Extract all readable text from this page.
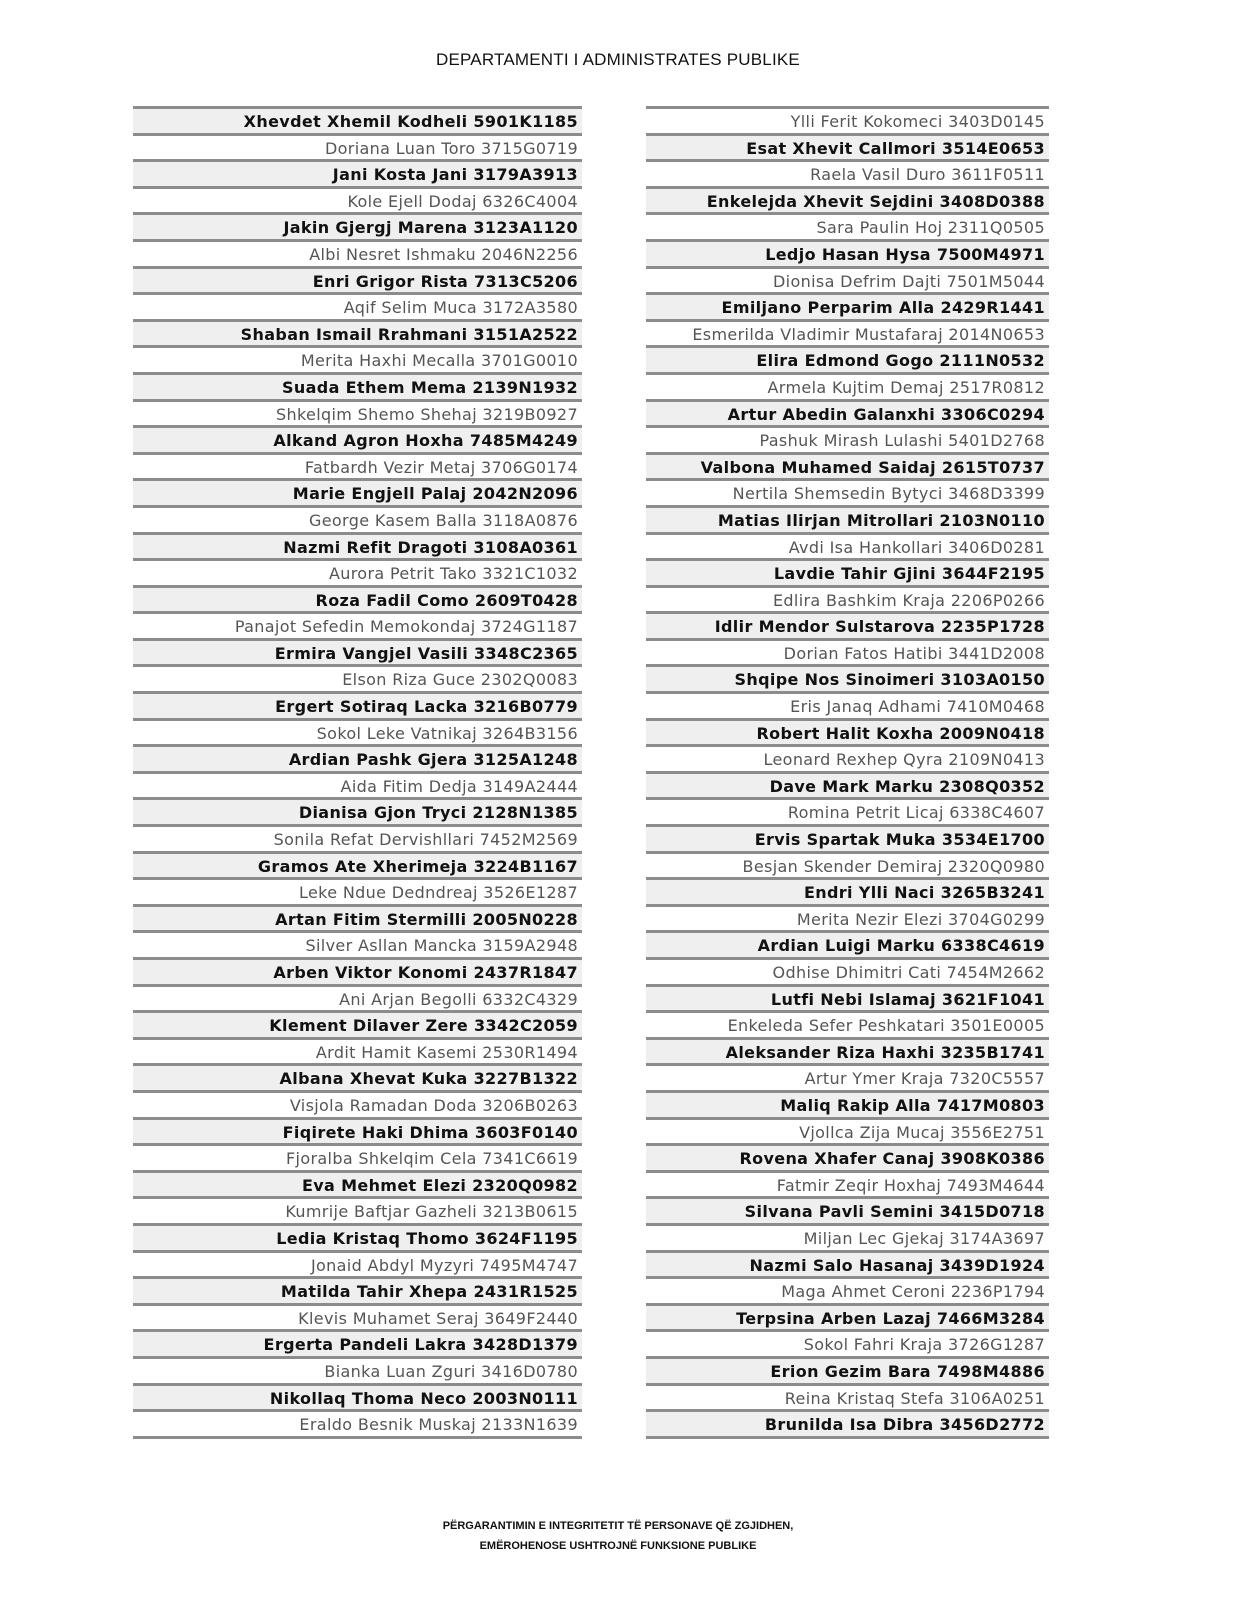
DEPARTAMENTI I ADMINISTRATES PUBLIKE
Xhevdet Xhemil Kodheli 5901K1185
Doriana Luan Toro 3715G0719
Jani Kosta Jani 3179A3913
Kole Ejell Dodaj 6326C4004
Jakin Gjergj Marena 3123A1120
Albi Nesret Ishmaku 2046N2256
Enri Grigor Rista 7313C5206
Aqif Selim Muca 3172A3580
Shaban Ismail Rrahmani 3151A2522
Merita Haxhi Mecalla 3701G0010
Suada Ethem Mema 2139N1932
Shkelqim Shemo Shehaj 3219B0927
Alkand Agron Hoxha 7485M4249
Fatbardh Vezir Metaj 3706G0174
Marie Engjell Palaj 2042N2096
George Kasem Balla 3118A0876
Nazmi Refit Dragoti 3108A0361
Aurora Petrit Tako 3321C1032
Roza Fadil Como 2609T0428
Panajot Sefedin Memokondaj 3724G1187
Ermira Vangjel Vasili 3348C2365
Elson Riza Guce 2302Q0083
Ergert Sotiraq Lacka 3216B0779
Sokol Leke Vatnikaj 3264B3156
Ardian Pashk Gjera 3125A1248
Aida Fitim Dedja 3149A2444
Dianisa Gjon Tryci 2128N1385
Sonila Refat Dervishllari 7452M2569
Gramos Ate Xherimeja 3224B1167
Leke Ndue Dedndreaj 3526E1287
Artan Fitim Stermilli 2005N0228
Silver Asllan Mancka 3159A2948
Arben Viktor Konomi 2437R1847
Ani Arjan Begolli 6332C4329
Klement Dilaver Zere 3342C2059
Ardit Hamit Kasemi 2530R1494
Albana Xhevat Kuka 3227B1322
Visjola Ramadan Doda 3206B0263
Fiqirete Haki Dhima 3603F0140
Fjoralba Shkelqim Cela 7341C6619
Eva Mehmet Elezi 2320Q0982
Kumrije Baftjar Gazheli 3213B0615
Ledia Kristaq Thomo 3624F1195
Jonaid Abdyl Myzyri 7495M4747
Matilda Tahir Xhepa 2431R1525
Klevis Muhamet Seraj 3649F2440
Ergerta Pandeli Lakra 3428D1379
Bianka Luan Zguri 3416D0780
Nikollaq Thoma Neco 2003N0111
Eraldo Besnik Muskaj 2133N1639
Ylli Ferit Kokomeci 3403D0145
Esat Xhevit Callmori 3514E0653
Raela Vasil Duro 3611F0511
Enkelejda Xhevit Sejdini 3408D0388
Sara Paulin Hoj 2311Q0505
Ledjo Hasan Hysa 7500M4971
Dionisa Defrim Dajti 7501M5044
Emiljano Perparim Alla 2429R1441
Esmerilda Vladimir Mustafaraj 2014N0653
Elira Edmond Gogo 2111N0532
Armela Kujtim Demaj 2517R0812
Artur Abedin Galanxhi 3306C0294
Pashuk Mirash Lulashi 5401D2768
Valbona Muhamed Saidaj 2615T0737
Nertila Shemsedin Bytyci 3468D3399
Matias Ilirjan Mitrollari 2103N0110
Avdi Isa Hankollari 3406D0281
Lavdie Tahir Gjini 3644F2195
Edlira Bashkim Kraja 2206P0266
Idlir Mendor Sulstarova 2235P1728
Dorian Fatos Hatibi 3441D2008
Shqipe Nos Sinoimeri 3103A0150
Eris Janaq Adhami 7410M0468
Robert Halit Koxha 2009N0418
Leonard Rexhep Qyra 2109N0413
Dave Mark Marku 2308Q0352
Romina Petrit Licaj 6338C4607
Ervis Spartak Muka 3534E1700
Besjan Skender Demiraj 2320Q0980
Endri Ylli Naci 3265B3241
Merita Nezir Elezi 3704G0299
Ardian Luigi Marku 6338C4619
Odhise Dhimitri Cati 7454M2662
Lutfi Nebi Islamaj 3621F1041
Enkeleda Sefer Peshkatari 3501E0005
Aleksander Riza Haxhi 3235B1741
Artur Ymer Kraja 7320C5557
Maliq Rakip Alla 7417M0803
Vjollca Zija Mucaj 3556E2751
Rovena Xhafer Canaj 3908K0386
Fatmir Zeqir Hoxhaj 7493M4644
Silvana Pavli Semini 3415D0718
Miljan Lec Gjekaj 3174A3697
Nazmi Salo Hasanaj 3439D1924
Maga Ahmet Ceroni 2236P1794
Terpsina Arben Lazaj 7466M3284
Sokol Fahri Kraja 3726G1287
Erion Gezim Bara 7498M4886
Reina Kristaq Stefa 3106A0251
Brunilda Isa Dibra 3456D2772
PËRGARANTIMIN E INTEGRITETIT TË PERSONAVE QË ZGJIDHEN,
EMËROHENOSE USHTROJNË FUNKSIONE PUBLIKE
